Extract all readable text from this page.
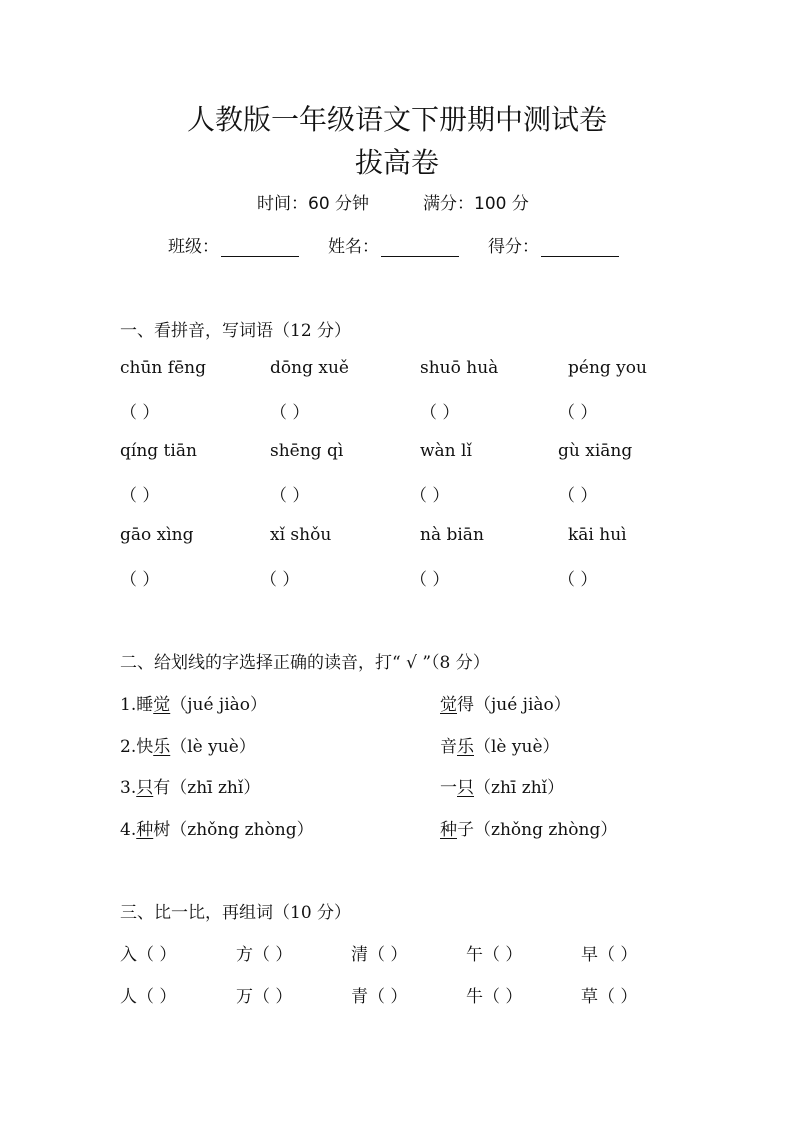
人教版一年级语文下册期中测试卷
拔高卷
时间：60 分钟	满分：100 分
班级：	姓名：	得分：
一、看拼音，写词语（12 分）
chūn fēng	dōng xuě	shuō huà	péng you
（ ）	（ ）	（ ）	（ ）
qíng tiān	shēng qì	wàn lǐ	gù xiāng
（ ）	（ ）	（ ）	（ ）
gāo xìng	xǐ shǒu	nà biān	kāi huì
（ ）	（ ）	（ ）	（ ）
二、给划线的字选择正确的读音，打“ √ ”（8 分）
1.睡觉（jué jiào）	觉得（jué jiào）
2.快乐（lè yuè）	音乐（lè yuè）
3.只有（zhī zhǐ）	一只（zhī zhǐ）
4.种树（zhǒng zhòng）	种子（zhǒng zhòng）
三、比一比，再组词（10 分）
入（ ）	方（ ）	清（ ）	午（ ）	早（ ）
人（ ）	万（ ）	青（ ）	牛（ ）	草（ ）
